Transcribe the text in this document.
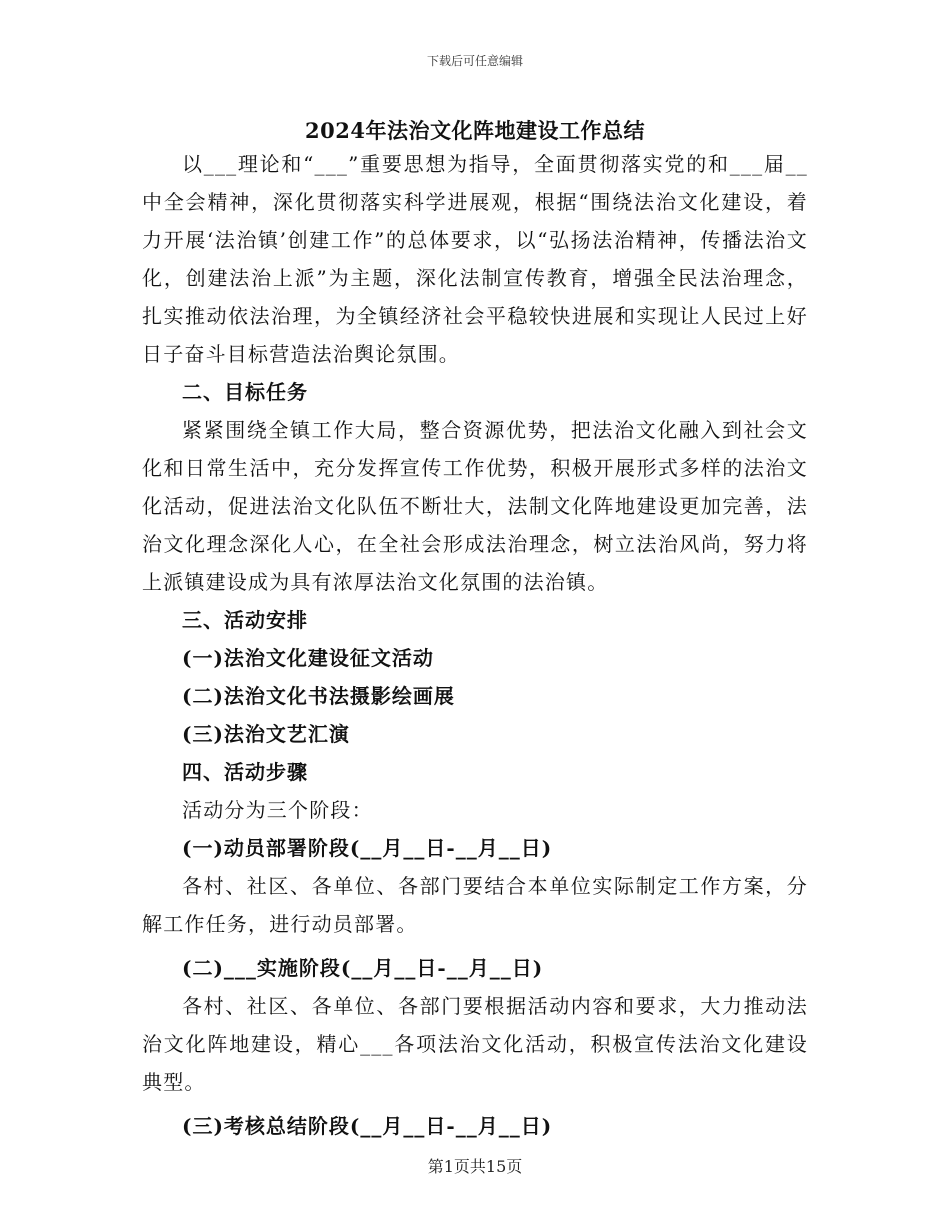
下载后可任意编辑
2024年法治文化阵地建设工作总结

以___理论和“___”重要思想为指导，全面贯彻落实党的和___届__中全会精神，深化贯彻落实科学进展观，根据“围绕法治文化建设，着力开展‘法治镇’创建工作”的总体要求，以“弘扬法治精神，传播法治文化，创建法治上派”为主题，深化法制宣传教育，增强全民法治理念，扎实推动依法治理，为全镇经济社会平稳较快进展和实现让人民过上好日子奋斗目标营造法治舆论氛围。

二、目标任务

紧紧围绕全镇工作大局，整合资源优势，把法治文化融入到社会文化和日常生活中，充分发挥宣传工作优势，积极开展形式多样的法治文化活动，促进法治文化队伍不断壮大，法制文化阵地建设更加完善，法治文化理念深化人心，在全社会形成法治理念，树立法治风尚，努力将上派镇建设成为具有浓厚法治文化氛围的法治镇。

三、活动安排

(一)法治文化建设征文活动

(二)法治文化书法摄影绘画展

(三)法治文艺汇演

四、活动步骤

活动分为三个阶段：

(一)动员部署阶段(__月__日-__月__日)

各村、社区、各单位、各部门要结合本单位实际制定工作方案，分解工作任务，进行动员部署。

(二)___实施阶段(__月__日-__月__日)

各村、社区、各单位、各部门要根据活动内容和要求，大力推动法治文化阵地建设，精心___各项法治文化活动，积极宣传法治文化建设典型。

(三)考核总结阶段(__月__日-__月__日)

第1页共15页
